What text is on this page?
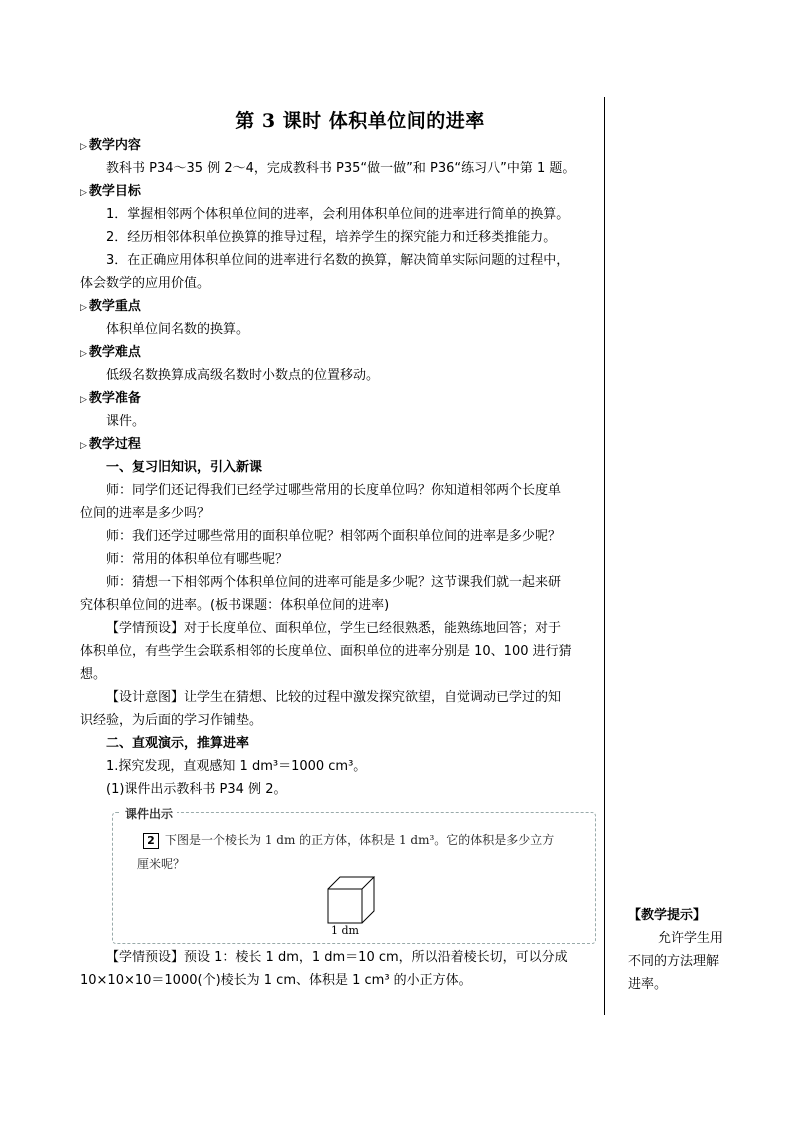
第 3 课时 体积单位间的进率
▷ 教学内容
教科书 P34～35 例 2～4，完成教科书 P35“做一做”和 P36“练习八”中第 1 题。
▷ 教学目标
1．掌握相邻两个体积单位间的进率，会利用体积单位间的进率进行简单的换算。
2．经历相邻体积单位换算的推导过程，培养学生的探究能力和迁移类推能力。
3．在正确应用体积单位间的进率进行名数的换算，解决简单实际问题的过程中，
体会数学的应用价值。
▷ 教学重点
体积单位间名数的换算。
▷ 教学难点
低级名数换算成高级名数时小数点的位置移动。
▷ 教学准备
课件。
▷ 教学过程
一、复习旧知识，引入新课
师：同学们还记得我们已经学过哪些常用的长度单位吗？你知道相邻两个长度单
位间的进率是多少吗？
师：我们还学过哪些常用的面积单位呢？相邻两个面积单位间的进率是多少呢？
师：常用的体积单位有哪些呢？
师：猜想一下相邻两个体积单位间的进率可能是多少呢？这节课我们就一起来研
究体积单位间的进率。(板书课题：体积单位间的进率)
【学情预设】对于长度单位、面积单位，学生已经很熟悉，能熟练地回答；对于
体积单位，有些学生会联系相邻的长度单位、面积单位的进率分别是 10、100 进行猜
想。
【设计意图】让学生在猜想、比较的过程中激发探究欲望，自觉调动已学过的知
识经验，为后面的学习作铺垫。
二、直观演示，推算进率
1.探究发现，直观感知 1 dm³＝1000 cm³。
(1)课件出示教科书 P34 例 2。
【学情预设】预设 1：棱长 1 dm，1 dm＝10 cm，所以沿着棱长切，可以分成
10×10×10＝1000(个)棱长为 1 cm、体积是 1 cm³ 的小正方体。
课件出示
2 下图是一个棱长为 1 dm 的正方体，体积是 1 dm³。它的体积是多少立方
厘米呢？
1 dm
【教学提示】
允许学生用
不同的方法理解
进率。
